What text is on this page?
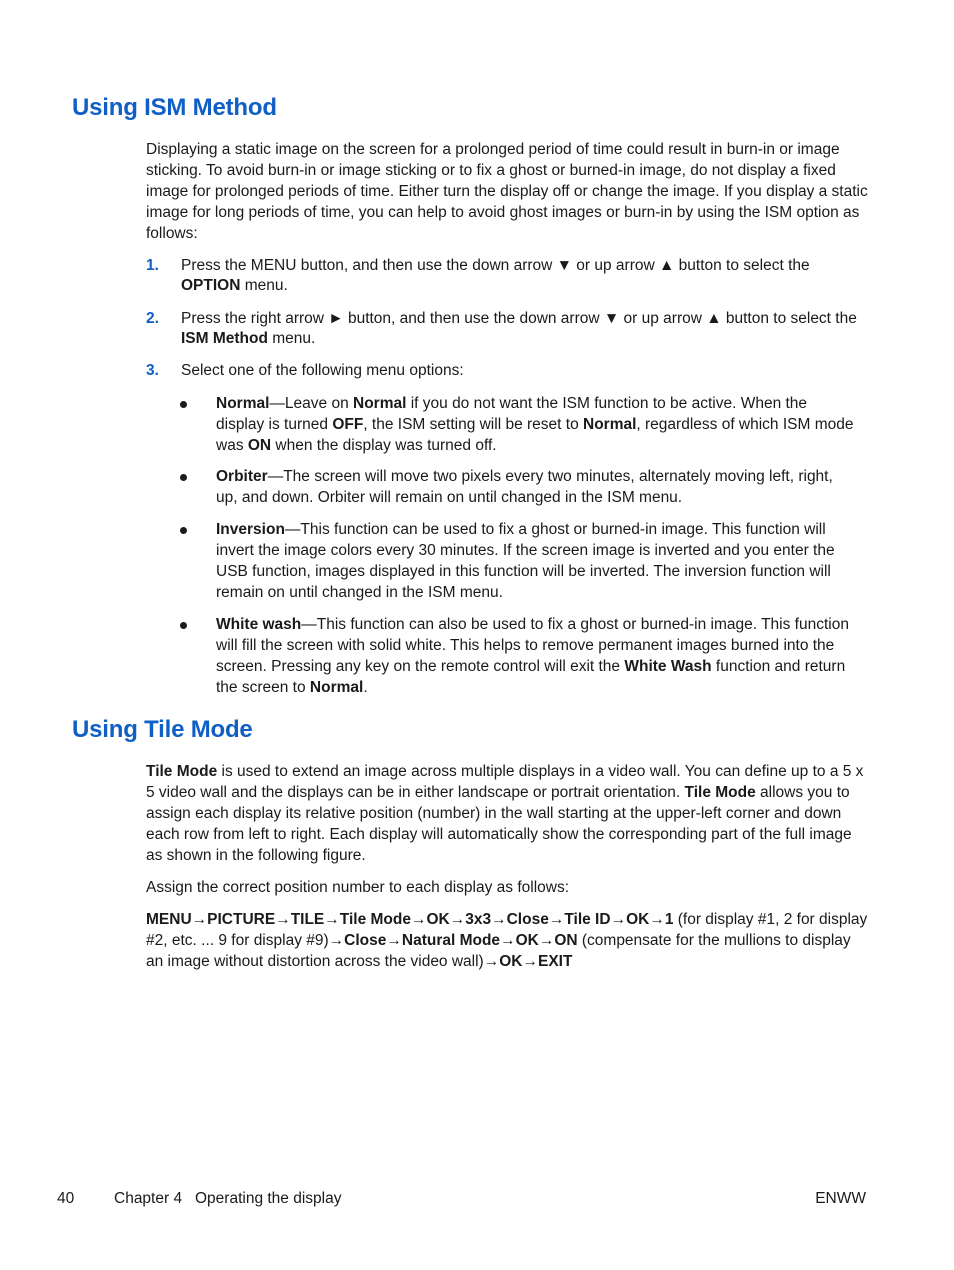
Using ISM Method

Displaying a static image on the screen for a prolonged period of time could result in burn-in or image sticking. To avoid burn-in or image sticking or to fix a ghost or burned-in image, do not display a fixed image for prolonged periods of time. Either turn the display off or change the image. If you display a static image for long periods of time, you can help to avoid ghost images or burn-in by using the ISM option as follows:

1. Press the MENU button, and then use the down arrow ▼ or up arrow ▲ button to select the OPTION menu.
2. Press the right arrow ► button, and then use the down arrow ▼ or up arrow ▲ button to select the ISM Method menu.
3. Select one of the following menu options:
Normal—Leave on Normal if you do not want the ISM function to be active. When the display is turned OFF, the ISM setting will be reset to Normal, regardless of which ISM mode was ON when the display was turned off.
Orbiter—The screen will move two pixels every two minutes, alternately moving left, right, up, and down. Orbiter will remain on until changed in the ISM menu.
Inversion—This function can be used to fix a ghost or burned-in image. This function will invert the image colors every 30 minutes. If the screen image is inverted and you enter the USB function, images displayed in this function will be inverted. The inversion function will remain on until changed in the ISM menu.
White wash—This function can also be used to fix a ghost or burned-in image. This function will fill the screen with solid white. This helps to remove permanent images burned into the screen. Pressing any key on the remote control will exit the White Wash function and return the screen to Normal.
Using Tile Mode

Tile Mode is used to extend an image across multiple displays in a video wall. You can define up to a 5 x 5 video wall and the displays can be in either landscape or portrait orientation. Tile Mode allows you to assign each display its relative position (number) in the wall starting at the upper-left corner and down each row from left to right. Each display will automatically show the corresponding part of the full image as shown in the following figure.

Assign the correct position number to each display as follows:

MENU→PICTURE→TILE→Tile Mode→OK→3x3→Close→Tile ID→OK→1 (for display #1, 2 for display #2, etc. ... 9 for display #9)→Close→Natural Mode→OK→ON (compensate for the mullions to display an image without distortion across the video wall)→OK→EXIT

40	Chapter 4   Operating the display	ENWW
